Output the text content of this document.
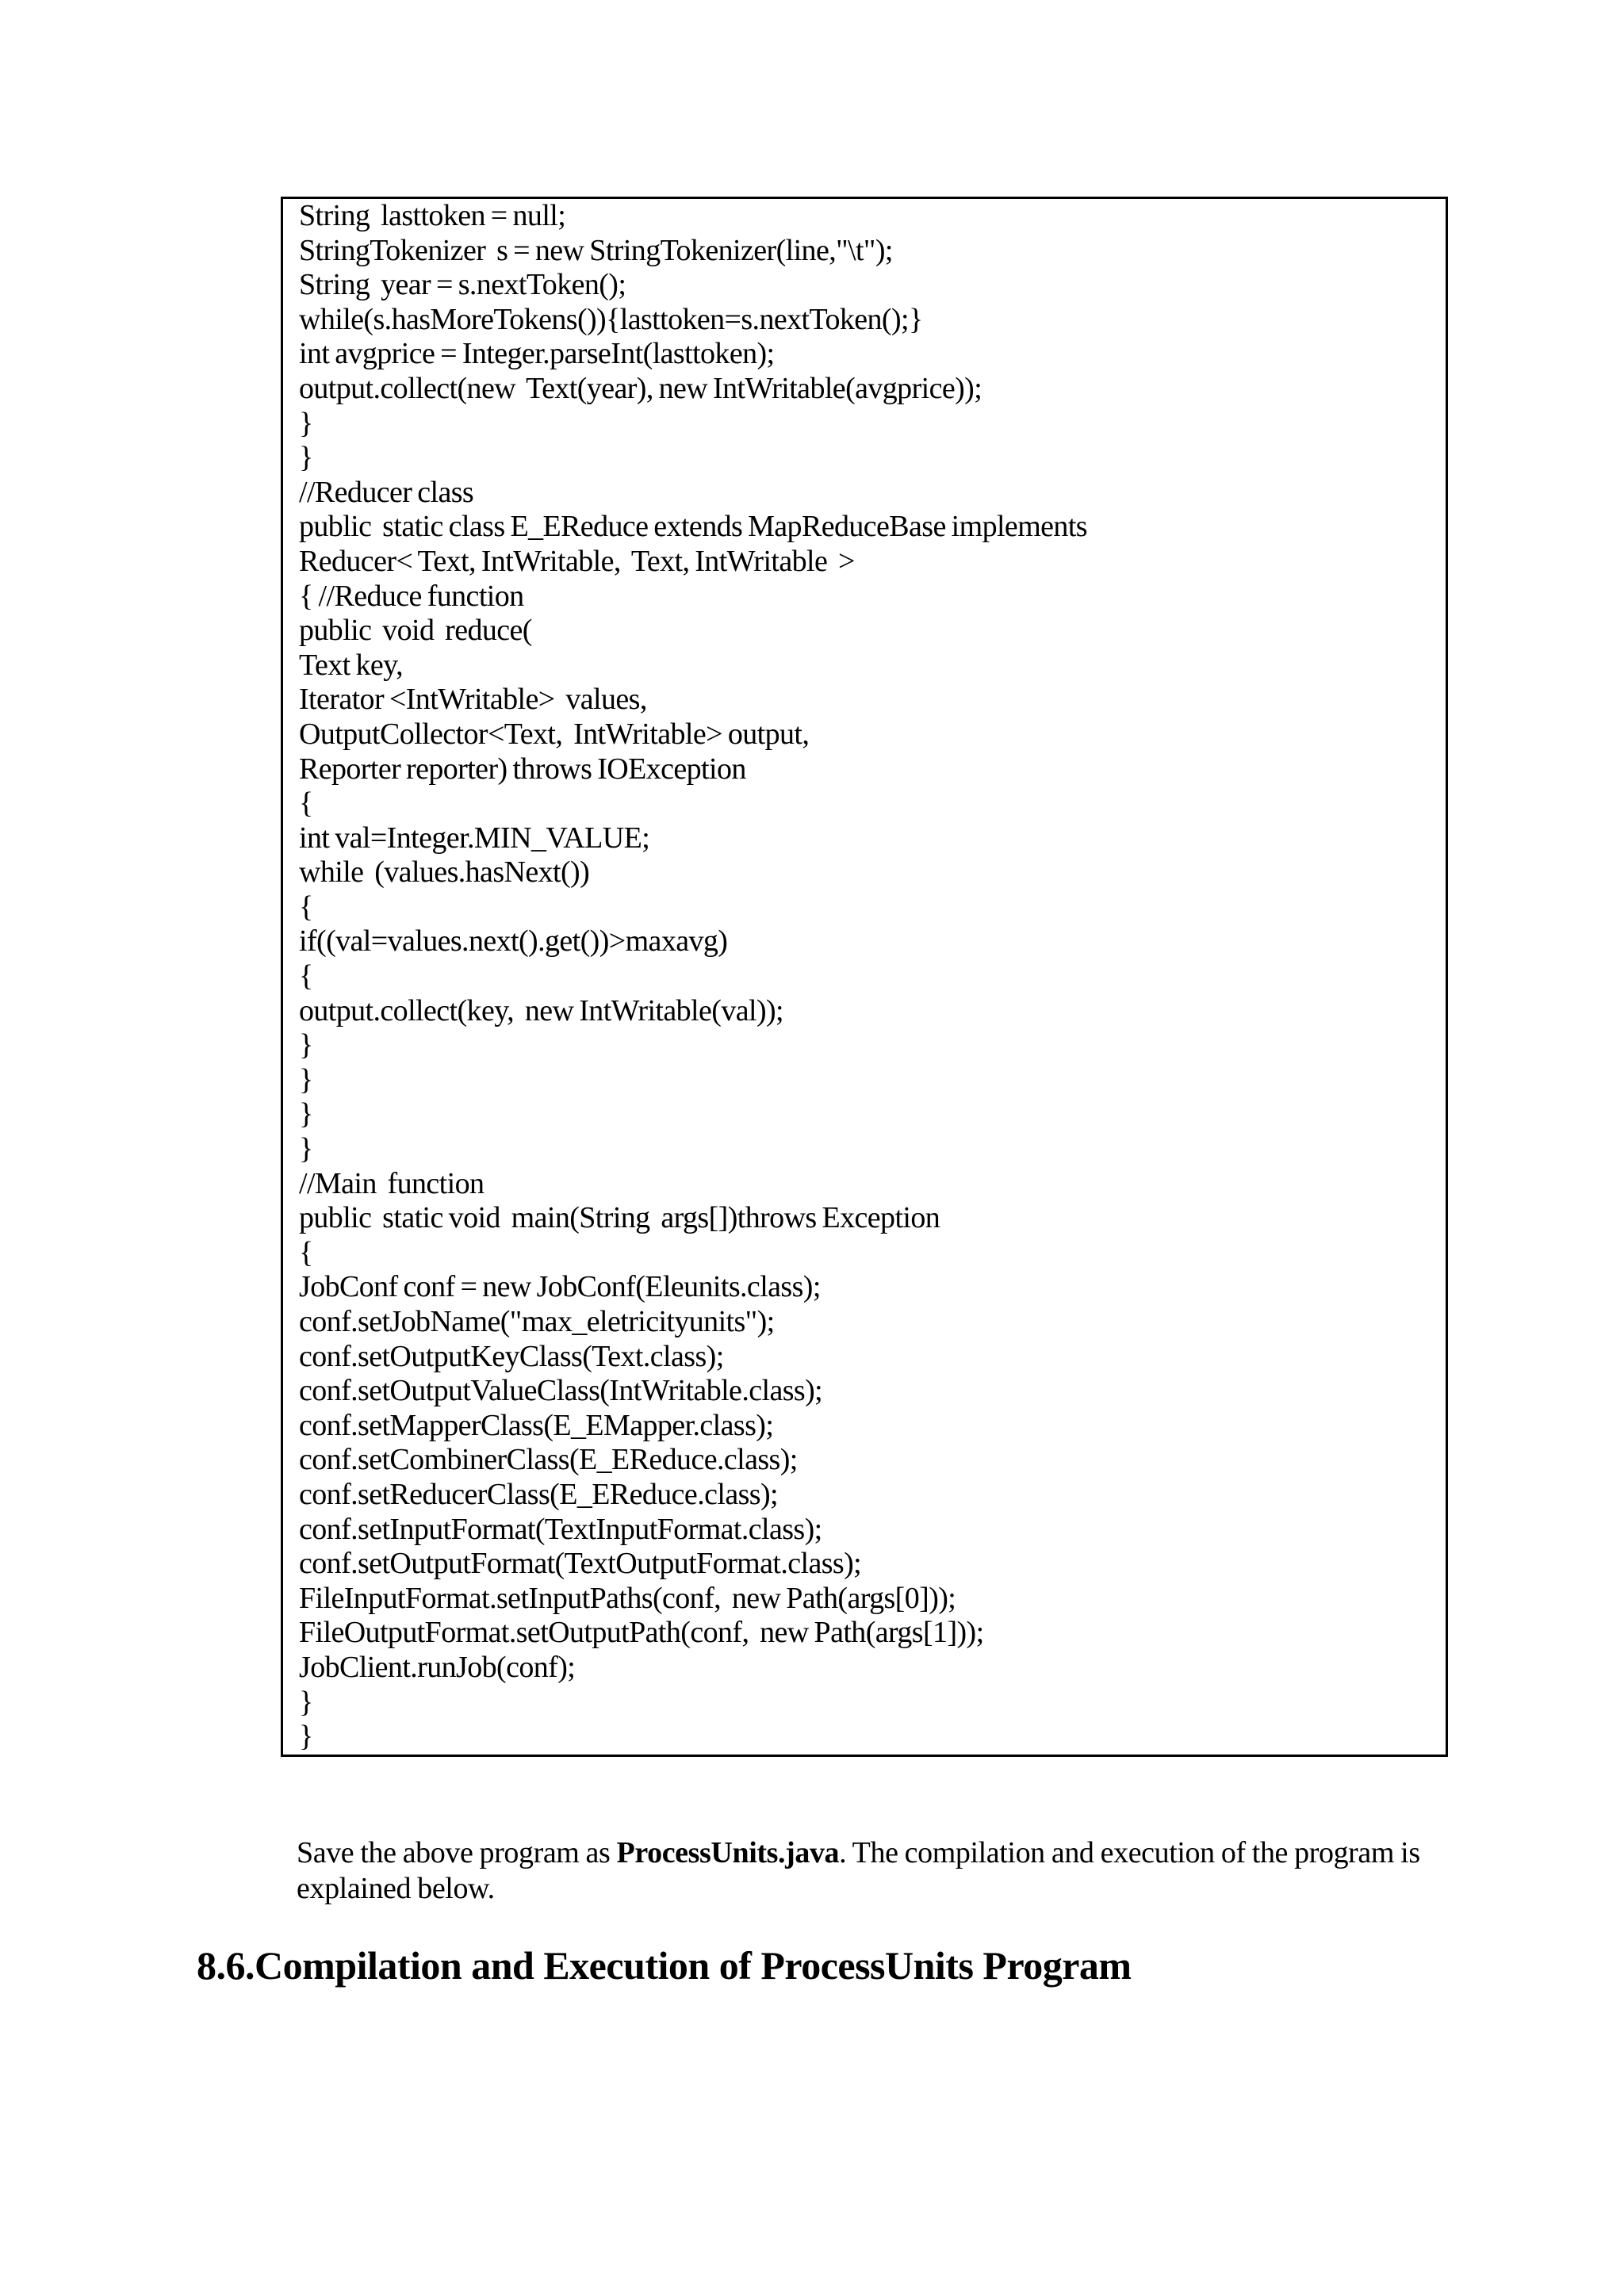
String  lasttoken = null;
StringTokenizer  s = new StringTokenizer(line,"\t");
String  year = s.nextToken();
while(s.hasMoreTokens()){lasttoken=s.nextToken();}
int avgprice = Integer.parseInt(lasttoken);
output.collect(new  Text(year), new IntWritable(avgprice));
}
}
//Reducer class
public  static class E_EReduce extends MapReduceBase implements
Reducer< Text, IntWritable,  Text, IntWritable  >
{ //Reduce function
public  void  reduce(
Text key,
Iterator <IntWritable>  values,
OutputCollector<Text,  IntWritable> output,
Reporter reporter) throws IOException
{
int val=Integer.MIN_VALUE;
while  (values.hasNext())
{
if((val=values.next().get())>maxavg)
{
output.collect(key,  new IntWritable(val));
}
}
}
}
//Main  function
public  static void  main(String  args[])throws Exception
{
JobConf conf = new JobConf(Eleunits.class);
conf.setJobName("max_eletricityunits");
conf.setOutputKeyClass(Text.class);
conf.setOutputValueClass(IntWritable.class);
conf.setMapperClass(E_EMapper.class);
conf.setCombinerClass(E_EReduce.class);
conf.setReducerClass(E_EReduce.class);
conf.setInputFormat(TextInputFormat.class);
conf.setOutputFormat(TextOutputFormat.class);
FileInputFormat.setInputPaths(conf,  new Path(args[0]));
FileOutputFormat.setOutputPath(conf,  new Path(args[1]));
JobClient.runJob(conf);
}
}

Save the above program as ProcessUnits.java. The compilation and execution of the program is explained below.

8.6.Compilation and Execution of ProcessUnits Program
